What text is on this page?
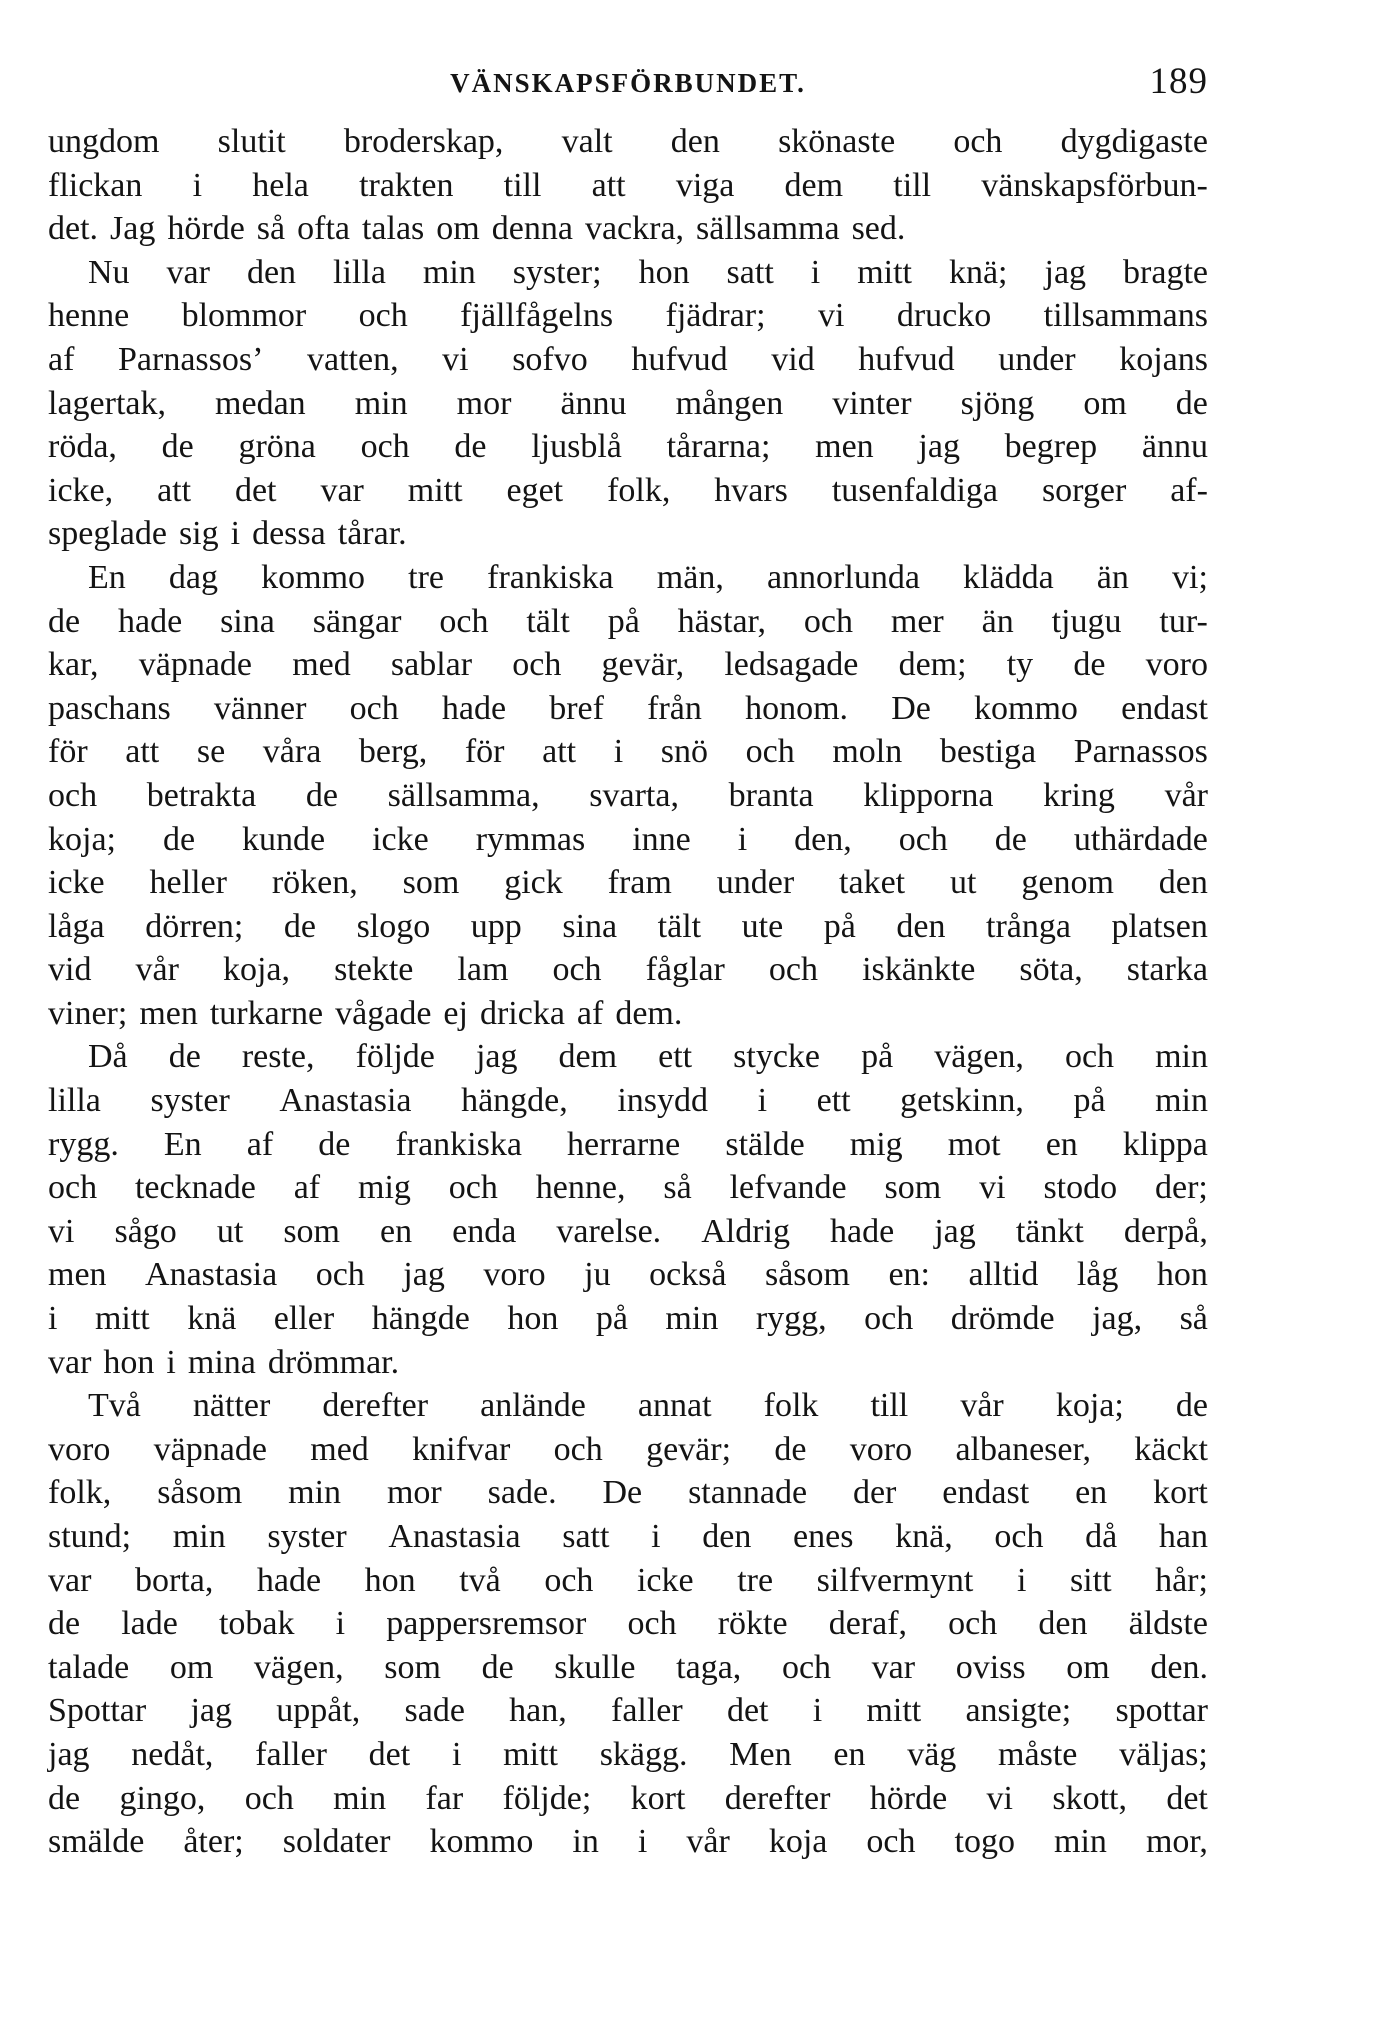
VÄNSKAPSFÖRBUNDET.	189
ungdom slutit broderskap, valt den skönaste och dygdigaste
flickan i hela trakten till att viga dem till vänskapsförbun-
det. Jag hörde så ofta talas om denna vackra, sällsamma sed.
Nu var den lilla min syster; hon satt i mitt knä; jag bragte
henne blommor och fjällfågelns fjädrar; vi drucko tillsammans
af Parnassos’ vatten, vi sofvo hufvud vid hufvud under kojans
lagertak, medan min mor ännu mången vinter sjöng om de
röda, de gröna och de ljusblå tårarna; men jag begrep ännu
icke, att det var mitt eget folk, hvars tusenfaldiga sorger af-
speglade sig i dessa tårar.
En dag kommo tre frankiska män, annorlunda klädda än vi;
de hade sina sängar och tält på hästar, och mer än tjugu tur-
kar, väpnade med sablar och gevär, ledsagade dem; ty de voro
paschans vänner och hade bref från honom. De kommo endast
för att se våra berg, för att i snö och moln bestiga Parnassos
och betrakta de sällsamma, svarta, branta klipporna kring vår
koja; de kunde icke rymmas inne i den, och de uthärdade
icke heller röken, som gick fram under taket ut genom den
låga dörren; de slogo upp sina tält ute på den trånga platsen
vid vår koja, stekte lam och fåglar och iskänkte söta, starka
viner; men turkarne vågade ej dricka af dem.
Då de reste, följde jag dem ett stycke på vägen, och min
lilla syster Anastasia hängde, insydd i ett getskinn, på min
rygg. En af de frankiska herrarne stälde mig mot en klippa
och tecknade af mig och henne, så lefvande som vi stodo der;
vi sågo ut som en enda varelse. Aldrig hade jag tänkt derpå,
men Anastasia och jag voro ju också såsom en: alltid låg hon
i mitt knä eller hängde hon på min rygg, och drömde jag, så
var hon i mina drömmar.
Två nätter derefter anlände annat folk till vår koja; de
voro väpnade med knifvar och gevär; de voro albaneser, käckt
folk, såsom min mor sade. De stannade der endast en kort
stund; min syster Anastasia satt i den enes knä, och då han
var borta, hade hon två och icke tre silfvermynt i sitt hår;
de lade tobak i pappersremsor och rökte deraf, och den äldste
talade om vägen, som de skulle taga, och var oviss om den.
Spottar jag uppåt, sade han, faller det i mitt ansigte; spottar
jag nedåt, faller det i mitt skägg. Men en väg måste väljas;
de gingo, och min far följde; kort derefter hörde vi skott, det
smälde åter; soldater kommo in i vår koja och togo min mor,
